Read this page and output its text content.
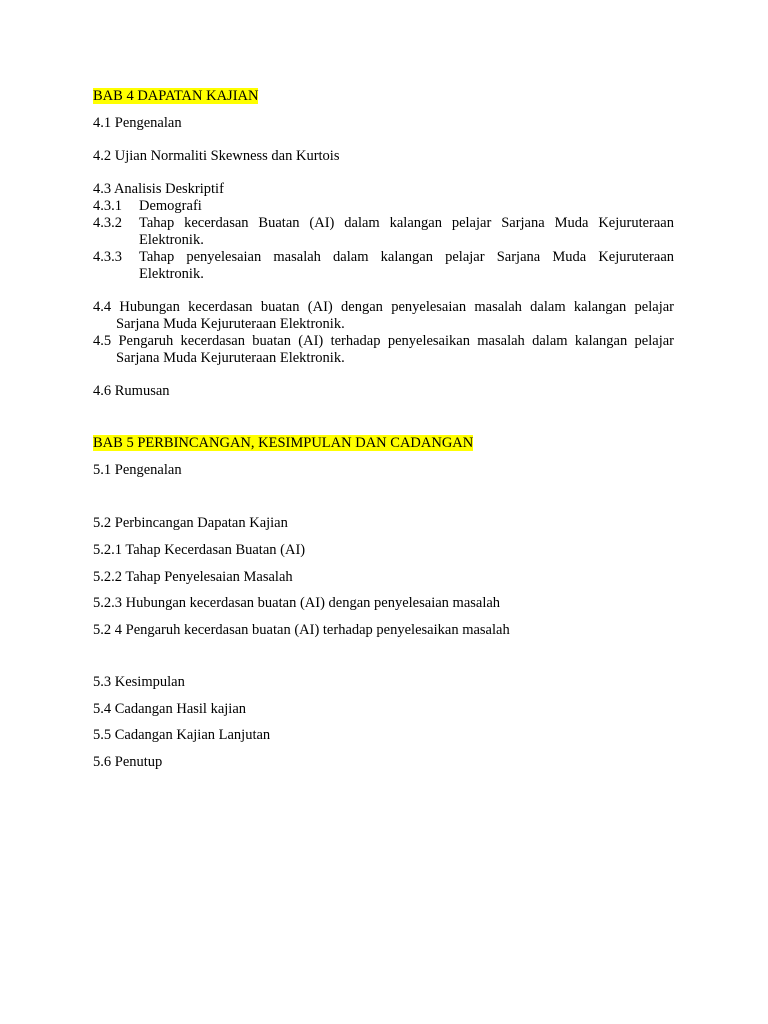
BAB 4 DAPATAN KAJIAN
4.1 Pengenalan
4.2 Ujian Normaliti Skewness dan Kurtois
4.3 Analisis Deskriptif
4.3.1 Demografi
4.3.2 Tahap kecerdasan Buatan (AI) dalam kalangan pelajar Sarjana Muda Kejuruteraan Elektronik.
4.3.3 Tahap penyelesaian masalah dalam kalangan pelajar Sarjana Muda Kejuruteraan Elektronik.
4.4 Hubungan kecerdasan buatan (AI) dengan penyelesaian masalah dalam kalangan pelajar Sarjana Muda Kejuruteraan Elektronik.
4.5 Pengaruh kecerdasan buatan (AI) terhadap penyelesaikan masalah dalam kalangan pelajar Sarjana Muda Kejuruteraan Elektronik.
4.6 Rumusan
BAB 5 PERBINCANGAN, KESIMPULAN DAN CADANGAN
5.1 Pengenalan
5.2 Perbincangan Dapatan Kajian
5.2.1 Tahap Kecerdasan Buatan (AI)
5.2.2 Tahap Penyelesaian Masalah
5.2.3 Hubungan kecerdasan buatan (AI) dengan penyelesaian masalah
5.2 4 Pengaruh kecerdasan buatan (AI) terhadap penyelesaikan masalah
5.3 Kesimpulan
5.4 Cadangan Hasil kajian
5.5 Cadangan Kajian Lanjutan
5.6 Penutup
